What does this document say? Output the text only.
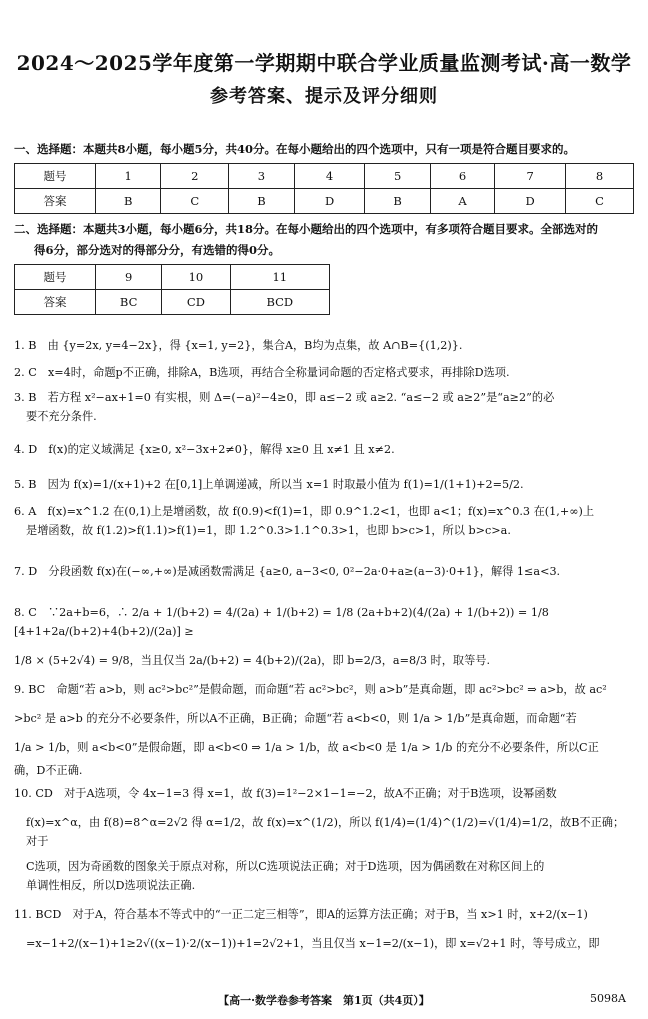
2024～2025学年度第一学期期中联合学业质量监测考试·高一数学
参考答案、提示及评分细则
一、选择题：本题共8小题，每小题5分，共40分。在每小题给出的四个选项中，只有一项是符合题目要求的。
题号	1	2	3	4	5	6	7	8
答案	B	C	B	D	B	A	D	C
二、选择题：本题共3小题，每小题6分，共18分。在每小题给出的四个选项中，有多项符合题目要求。全部选对的
得6分，部分选对的得部分分，有选错的得0分。
题号	9	10	11
答案	BC	CD	BCD

1. B　由 {y=2x, y=4−2x}，得 {x=1, y=2}，集合A，B均为点集，故 A∩B={(1,2)}.

2. C　x=4时，命题p不正确，排除A，B选项，再结合全称量词命题的否定格式要求，再排除D选项.

3. B　若方程 x²−ax+1=0 有实根，则 Δ=(−a)²−4≥0，即 a≤−2 或 a≥2. “a≤−2 或 a≥2”是“a≥2”的必

要不充分条件.

4. D　f(x)的定义域满足 {x≥0, x²−3x+2≠0}，解得 x≥0 且 x≠1 且 x≠2.

5. B　因为 f(x)=1/(x+1)+2 在[0,1]上单调递减，所以当 x=1 时取最小值为 f(1)=1/(1+1)+2=5/2.

6. A　f(x)=x^1.2 在(0,1)上是增函数，故 f(0.9)<f(1)=1，即 0.9^1.2<1，也即 a<1；f(x)=x^0.3 在(1,+∞)上

是增函数，故 f(1.2)>f(1.1)>f(1)=1，即 1.2^0.3>1.1^0.3>1，也即 b>c>1，所以 b>c>a.

7. D　分段函数 f(x)在(−∞,+∞)是减函数需满足 {a≥0, a−3<0, 0²−2a·0+a≥(a−3)·0+1}，解得 1≤a<3.

8. C　∵2a+b=6，∴ 2/a + 1/(b+2) = 4/(2a) + 1/(b+2) = 1/8 (2a+b+2)(4/(2a) + 1/(b+2)) = 1/8 [4+1+2a/(b+2)+4(b+2)/(2a)] ≥

1/8 × (5+2√4) = 9/8，当且仅当 2a/(b+2) = 4(b+2)/(2a)，即 b=2/3，a=8/3 时，取等号.

9. BC　命题“若 a>b，则 ac²>bc²”是假命题，而命题“若 ac²>bc²，则 a>b”是真命题，即 ac²>bc² ⇒ a>b，故 ac²

>bc² 是 a>b 的充分不必要条件，所以A不正确，B正确；命题“若 a<b<0，则 1/a > 1/b”是真命题，而命题“若

1/a > 1/b，则 a<b<0”是假命题，即 a<b<0 ⇒ 1/a > 1/b，故 a<b<0 是 1/a > 1/b 的充分不必要条件，所以C正

确，D不正确.

10. CD　对于A选项，令 4x−1=3 得 x=1，故 f(3)=1²−2×1−1=−2，故A不正确；对于B选项，设幂函数

f(x)=x^α，由 f(8)=8^α=2√2 得 α=1/2，故 f(x)=x^(1/2)，所以 f(1/4)=(1/4)^(1/2)=√(1/4)=1/2，故B不正确；对于

C选项，因为奇函数的图象关于原点对称，所以C选项说法正确；对于D选项，因为偶函数在对称区间上的

单调性相反，所以D选项说法正确.

11. BCD　对于A，符合基本不等式中的“一正二定三相等”，即A的运算方法正确；对于B，当 x>1 时，x+2/(x−1)

=x−1+2/(x−1)+1≥2√((x−1)·2/(x−1))+1=2√2+1，当且仅当 x−1=2/(x−1)，即 x=√2+1 时，等号成立，即

【高一·数学卷参考答案　第1页（共4页）】	5098A
